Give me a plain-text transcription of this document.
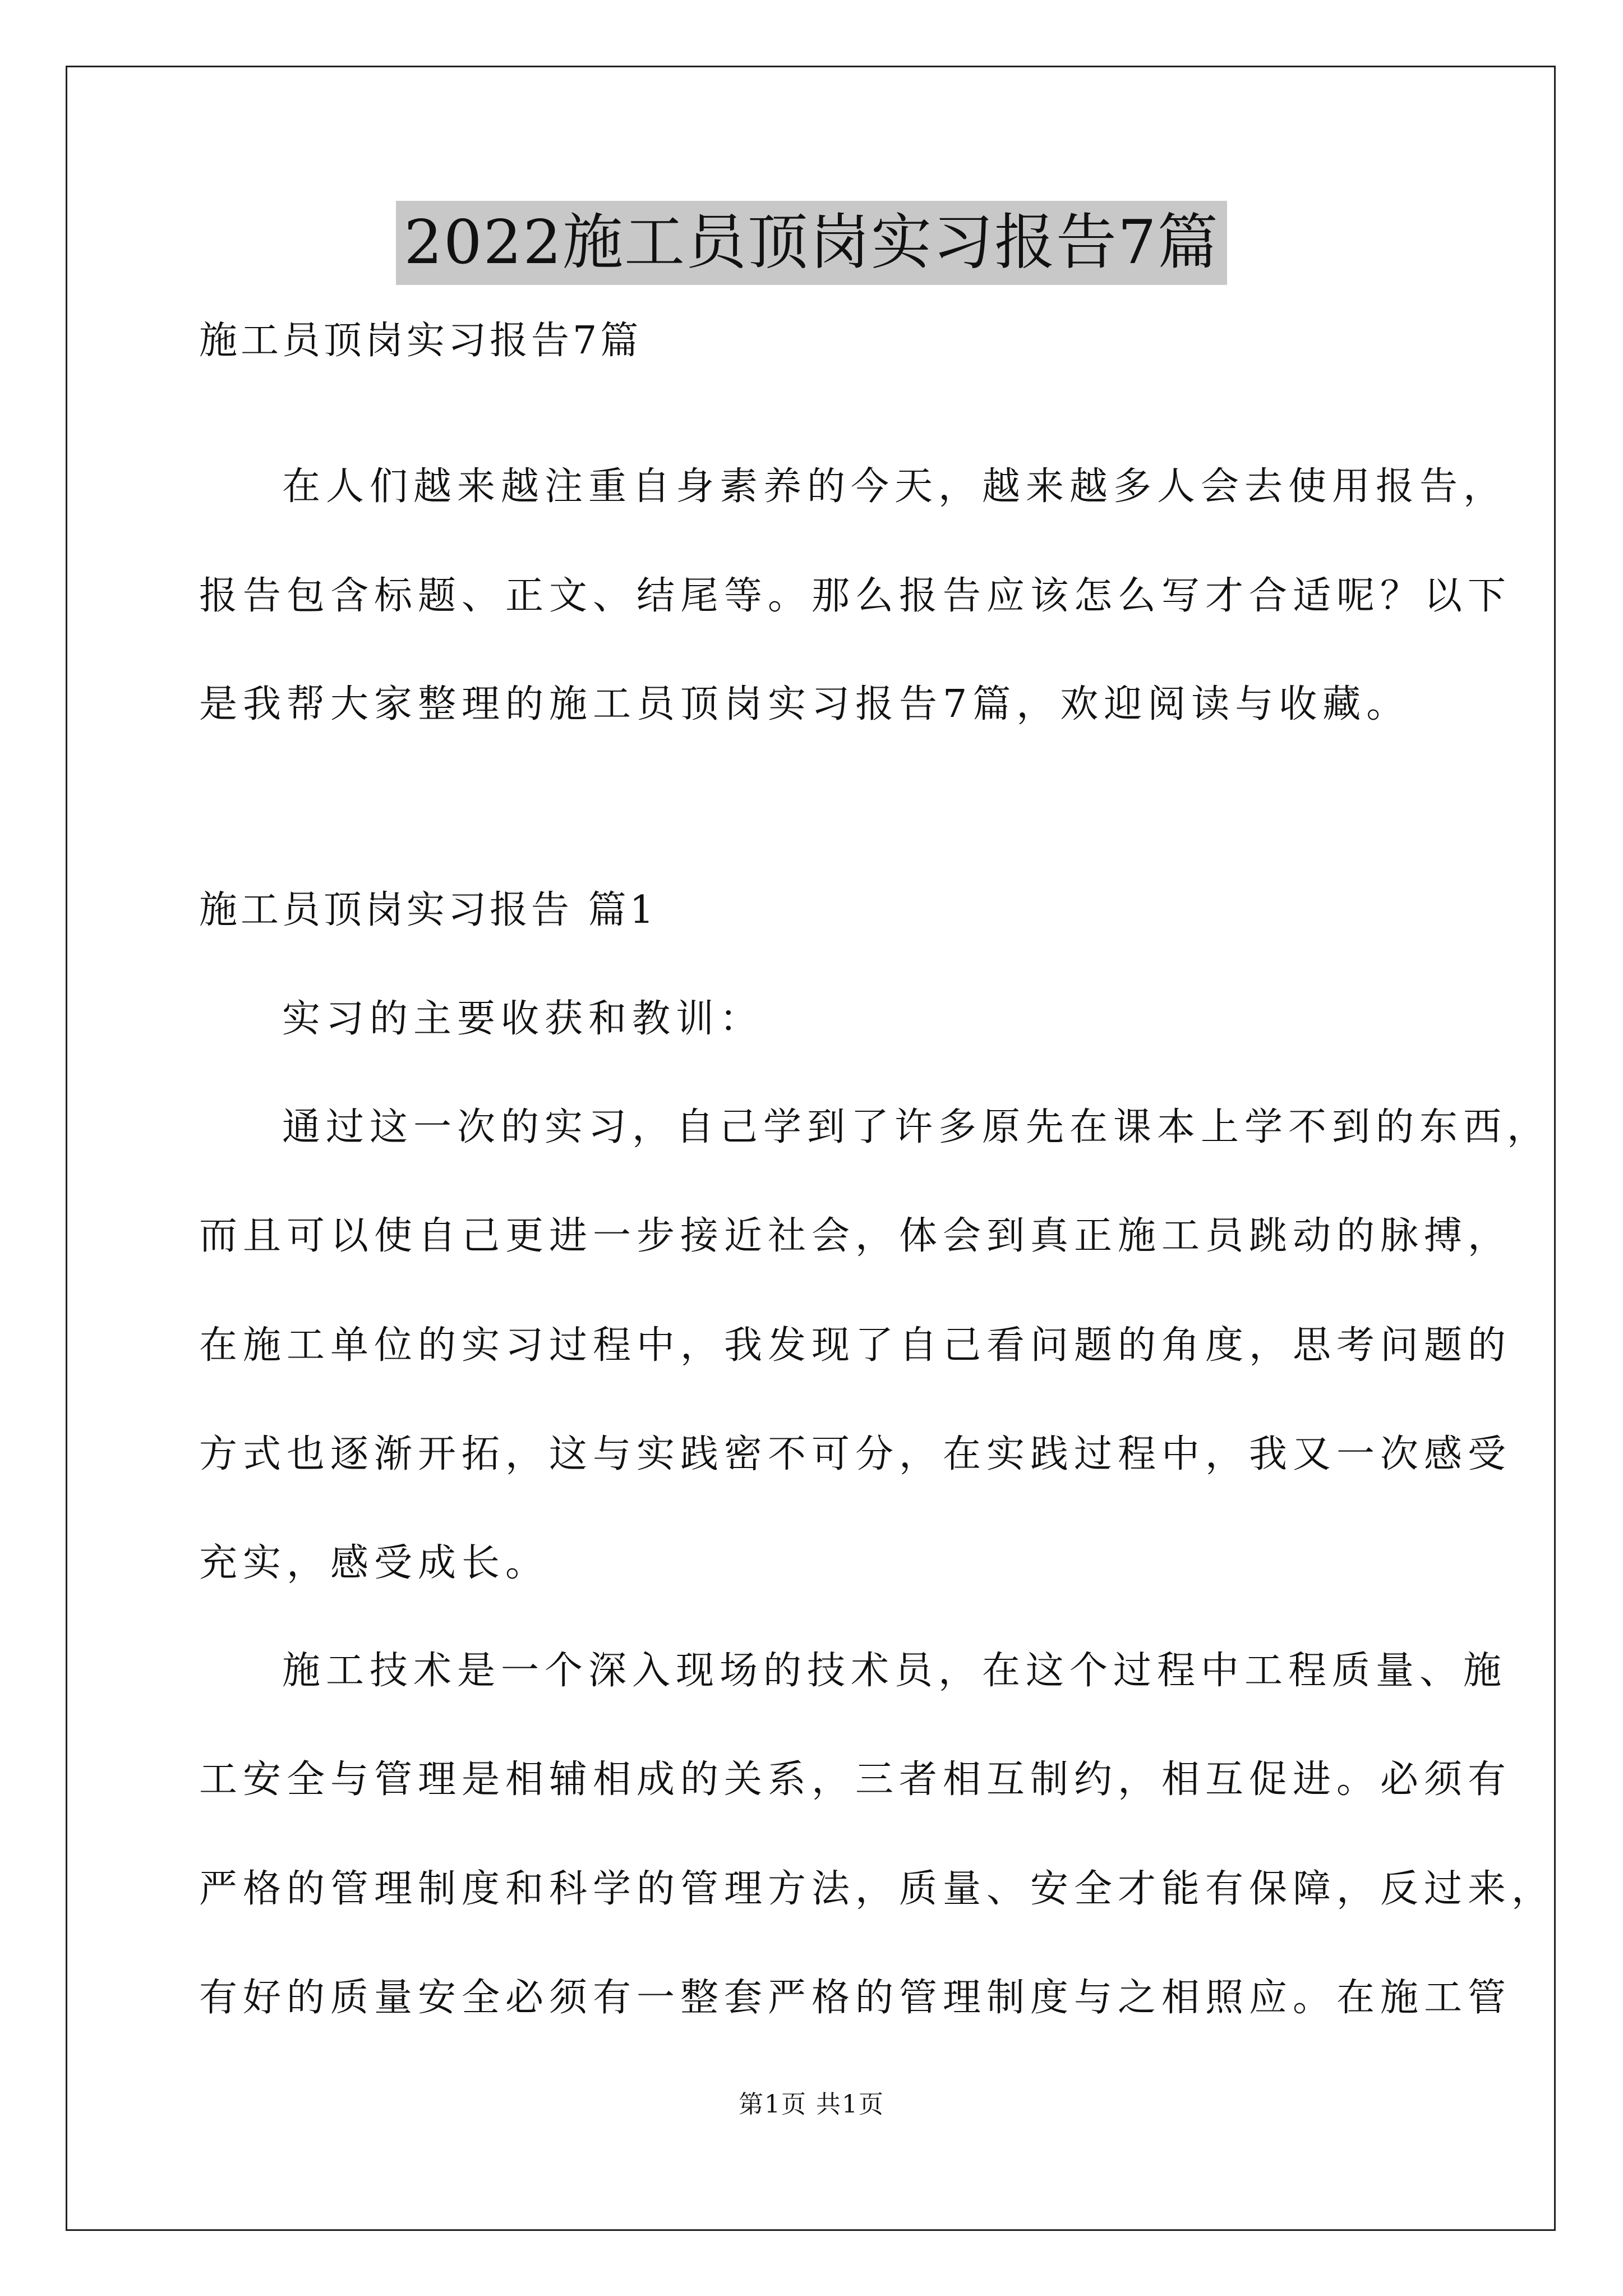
2022施工员顶岗实习报告7篇
施工员顶岗实习报告7篇
在人们越来越注重自身素养的今天，越来越多人会去使用报告，
报告包含标题、正文、结尾等。那么报告应该怎么写才合适呢？以下
是我帮大家整理的施工员顶岗实习报告7篇，欢迎阅读与收藏。
施工员顶岗实习报告 篇1
实习的主要收获和教训：
通过这一次的实习，自己学到了许多原先在课本上学不到的东西，
而且可以使自己更进一步接近社会，体会到真正施工员跳动的脉搏，
在施工单位的实习过程中，我发现了自己看问题的角度，思考问题的
方式也逐渐开拓，这与实践密不可分，在实践过程中，我又一次感受
充实，感受成长。
施工技术是一个深入现场的技术员，在这个过程中工程质量、施
工安全与管理是相辅相成的关系，三者相互制约，相互促进。必须有
严格的管理制度和科学的管理方法，质量、安全才能有保障，反过来，
有好的质量安全必须有一整套严格的管理制度与之相照应。在施工管
第1页 共1页
